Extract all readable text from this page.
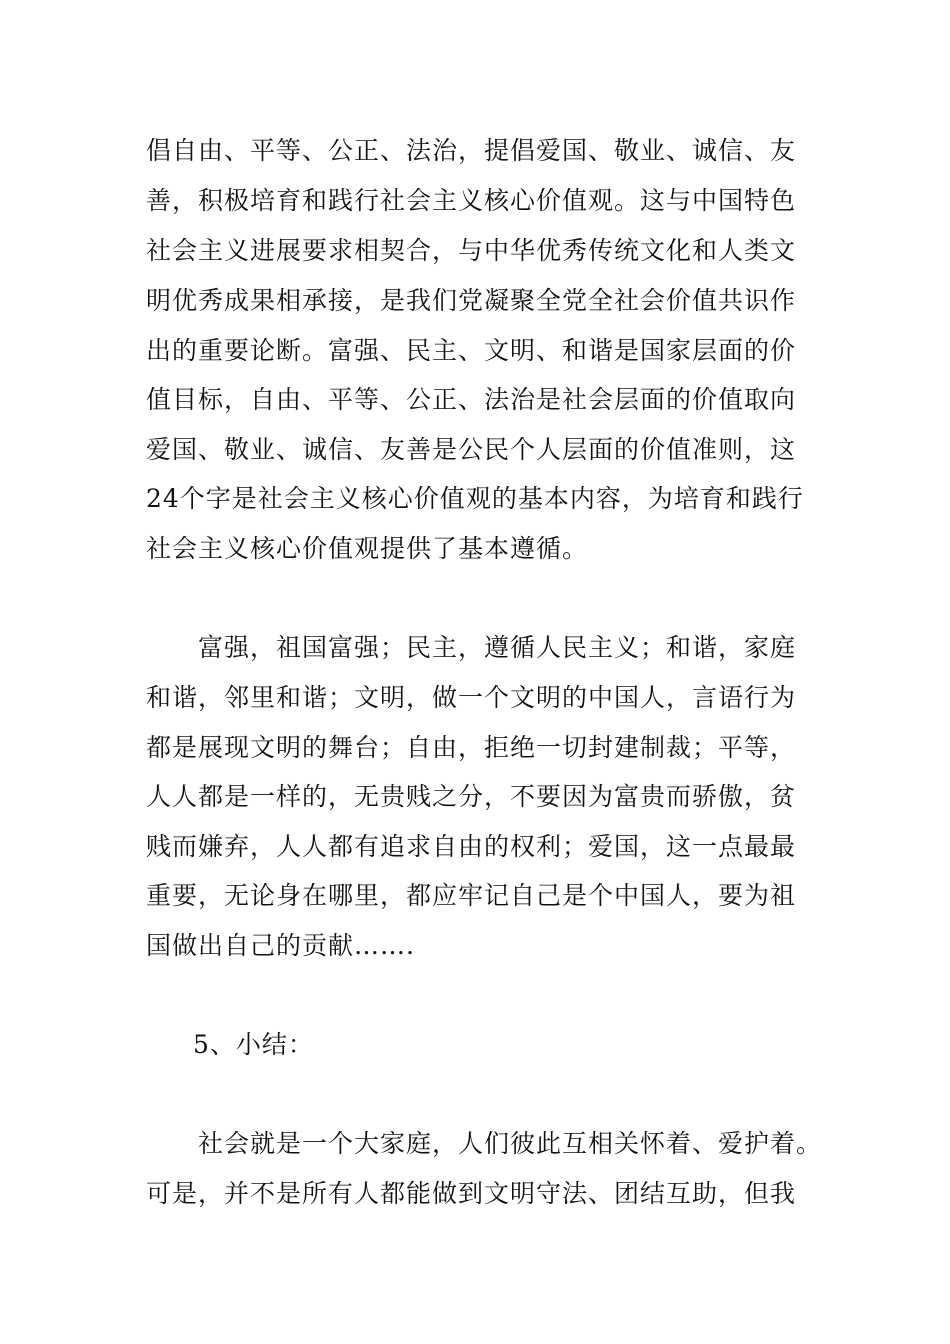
倡自由、平等、公正、法治，提倡爱国、敬业、诚信、友
善，积极培育和践行社会主义核心价值观。这与中国特色
社会主义进展要求相契合，与中华优秀传统文化和人类文
明优秀成果相承接，是我们党凝聚全党全社会价值共识作
出的重要论断。富强、民主、文明、和谐是国家层面的价
值目标，自由、平等、公正、法治是社会层面的价值取向
爱国、敬业、诚信、友善是公民个人层面的价值准则，这
24个字是社会主义核心价值观的基本内容，为培育和践行
社会主义核心价值观提供了基本遵循。
富强，祖国富强；民主，遵循人民主义；和谐，家庭
和谐，邻里和谐；文明，做一个文明的中国人，言语行为
都是展现文明的舞台；自由，拒绝一切封建制裁；平等，
人人都是一样的，无贵贱之分，不要因为富贵而骄傲，贫
贱而嫌弃，人人都有追求自由的权利；爱国，这一点最最
重要，无论身在哪里，都应牢记自己是个中国人，要为祖
国做出自己的贡献…….
5、小结：
社会就是一个大家庭，人们彼此互相关怀着、爱护着。
可是，并不是所有人都能做到文明守法、团结互助，但我
